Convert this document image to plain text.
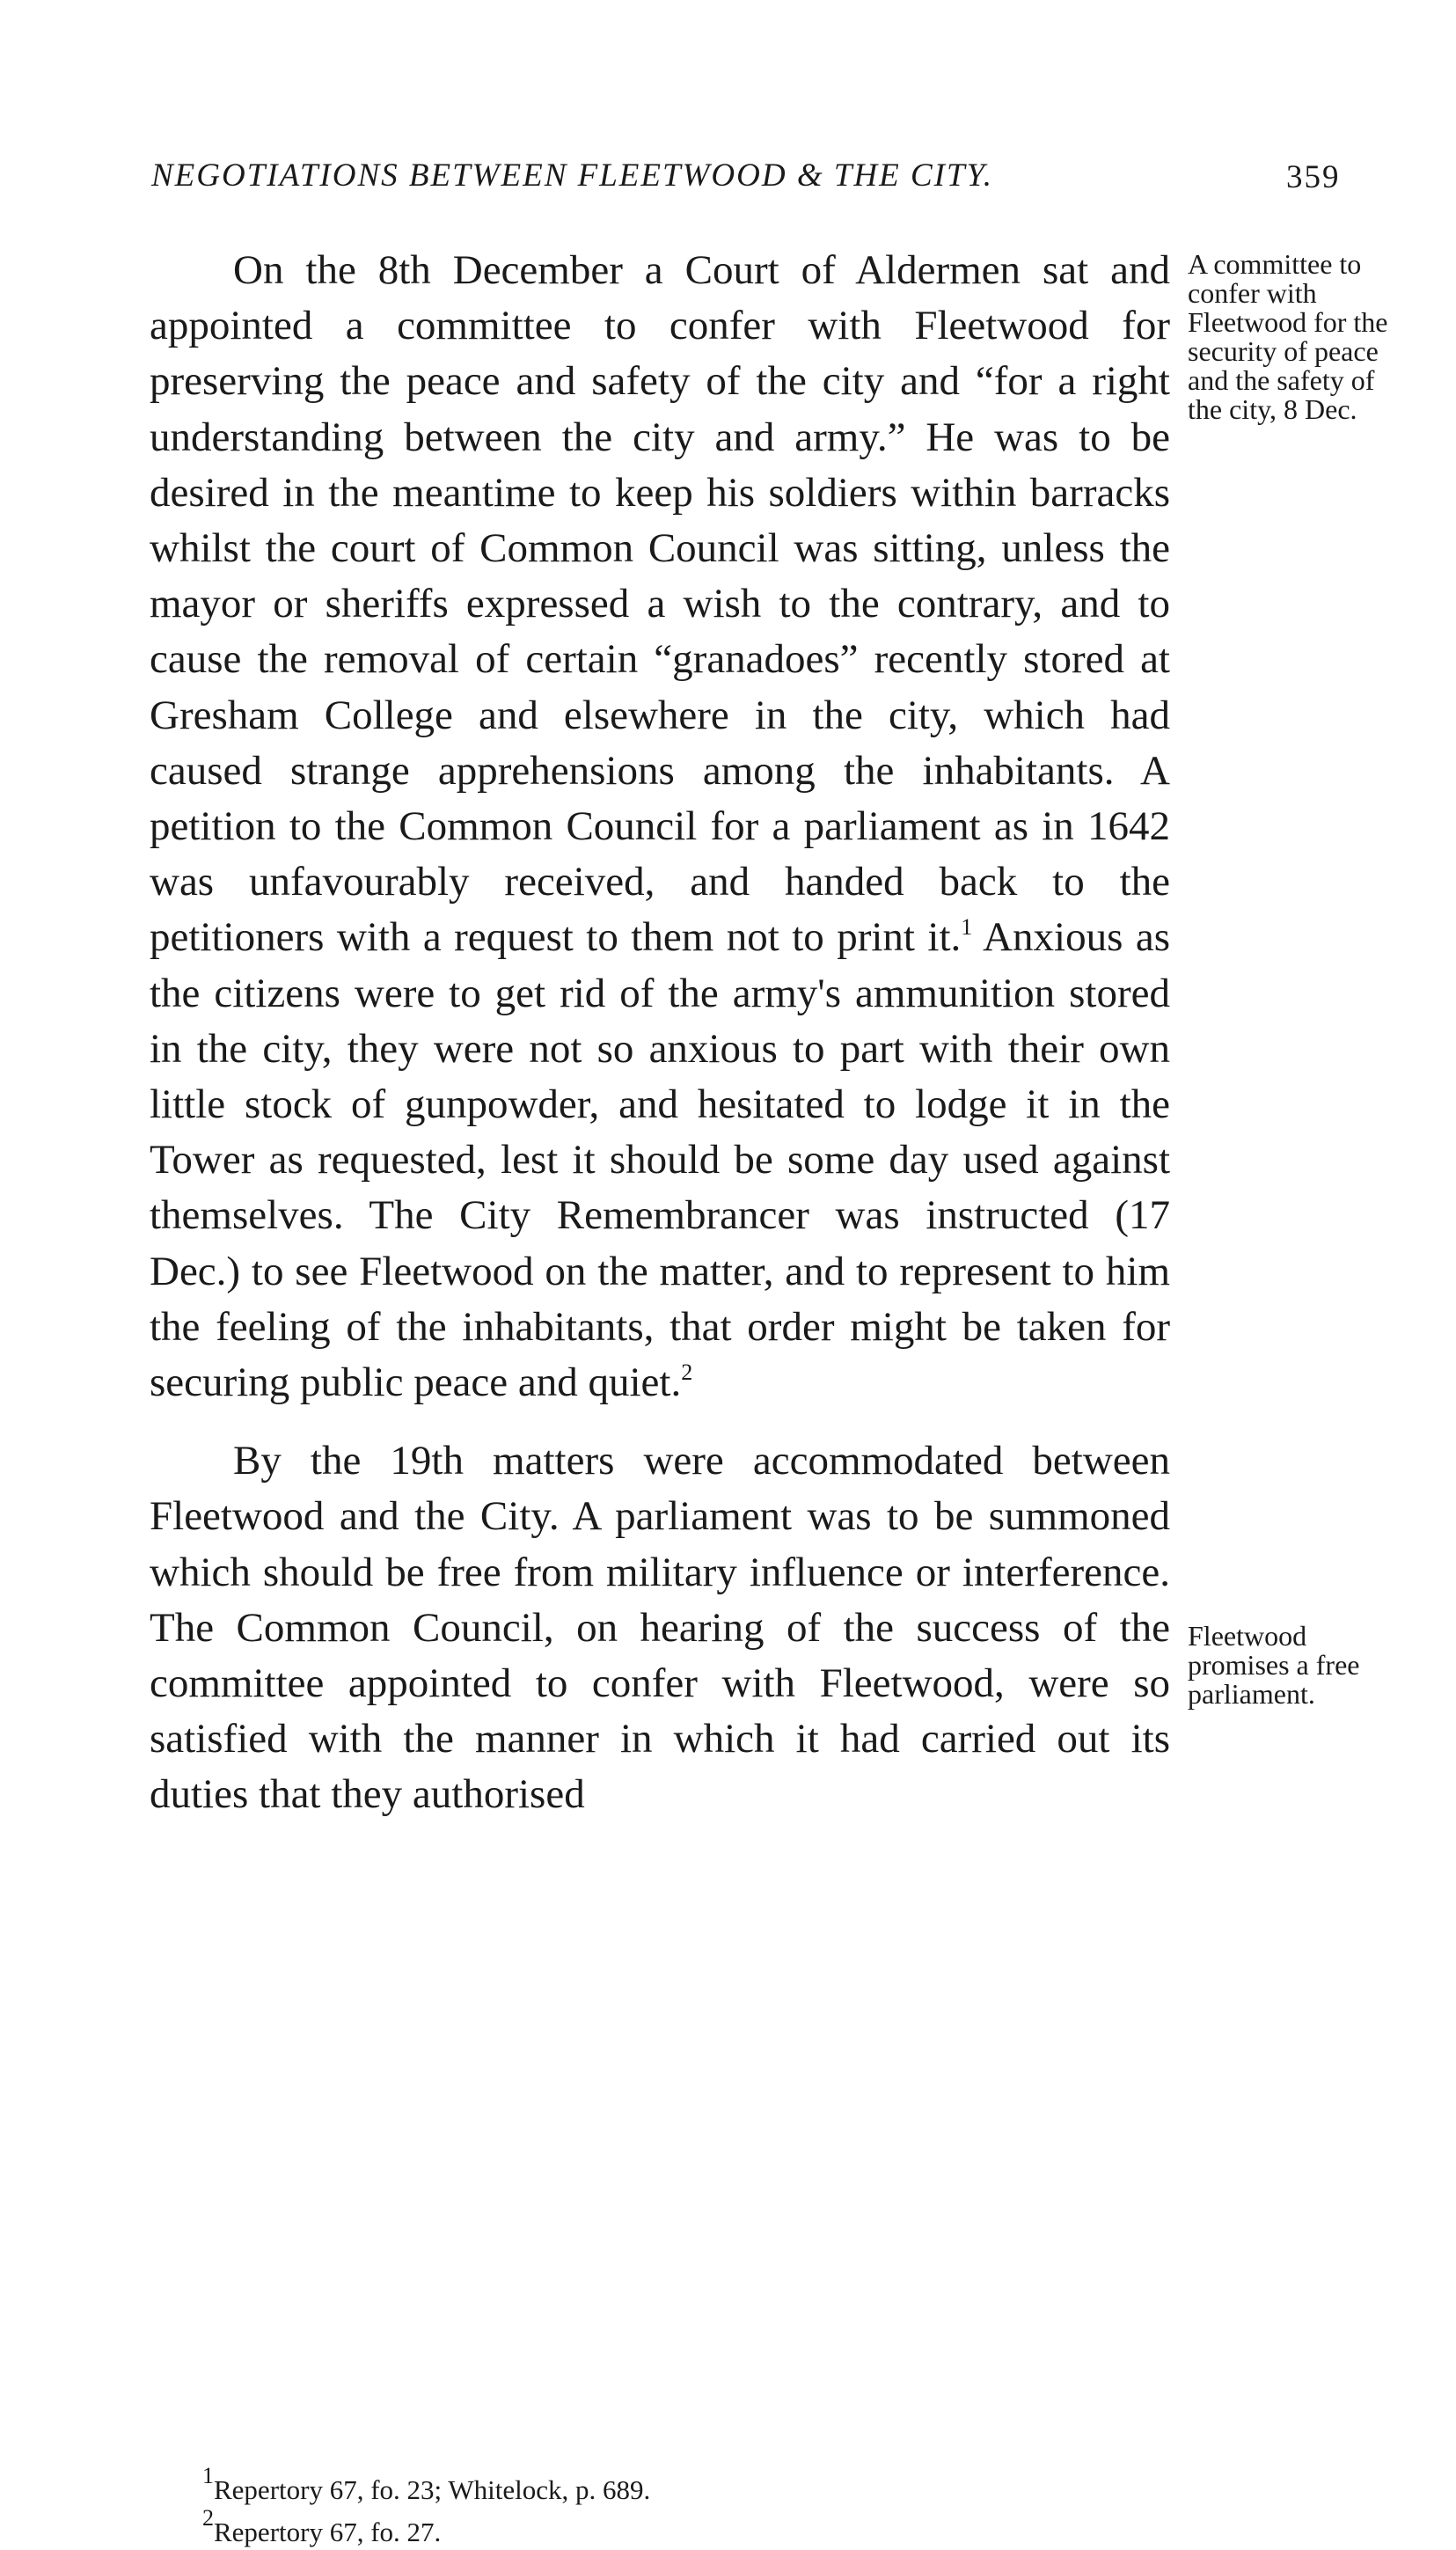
NEGOTIATIONS BETWEEN FLEETWOOD & THE CITY.	359

On the 8th December a Court of Aldermen sat and appointed a committee to confer with Fleetwood for preserving the peace and safety of the city and “for a right understanding between the city and army.” He was to be desired in the meantime to keep his soldiers within barracks whilst the court of Common Council was sitting, unless the mayor or sheriffs expressed a wish to the contrary, and to cause the removal of certain “granadoes” recently stored at Gresham College and elsewhere in the city, which had caused strange apprehensions among the inhabitants. A petition to the Common Council for a parliament as in 1642 was unfavourably received, and handed back to the petitioners with a request to them not to print it.$^1$ Anxious as the citizens were to get rid of the army's ammunition stored in the city, they were not so anxious to part with their own little stock of gunpowder, and hesitated to lodge it in the Tower as requested, lest it should be some day used against themselves. The City Remembrancer was instructed (17 Dec.) to see Fleetwood on the matter, and to represent to him the feeling of the inhabitants, that order might be taken for securing public peace and quiet.$^2$

By the 19th matters were accommodated between Fleetwood and the City. A parliament was to be summoned which should be free from military influence or interference. The Common Council, on hearing of the success of the committee appointed to confer with Fleetwood, were so satisfied with the manner in which it had carried out its duties that they authorised

A committee to confer with Fleetwood for the security of peace and the safety of the city, 8 Dec.
Fleetwood promises a free parliament.
$^1$Repertory 67, fo. 23; Whitelock, p. 689.
$^2$Repertory 67, fo. 27.
